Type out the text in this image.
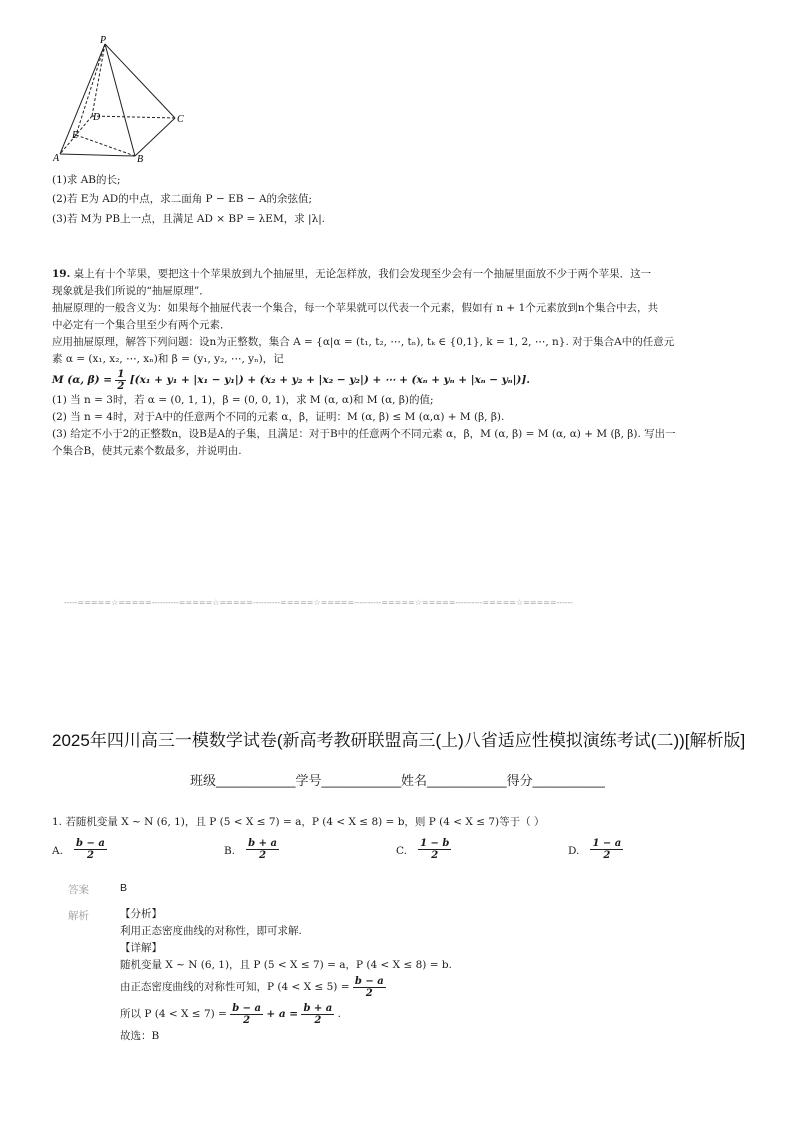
P
D	C
E
A	B
(1)求 AB的长;
(2)若 E为 AD的中点，求二面角 P − EB − A的余弦值;
(3)若 M为 PB上一点，且满足 AD × BP = λEM，求 |λ|.
19. 桌上有十个苹果，要把这十个苹果放到九个抽屉里，无论怎样放，我们会发现至少会有一个抽屉里面放不少于两个苹果．这一
现象就是我们所说的“抽屉原理”．
抽屉原理的一般含义为：如果每个抽屉代表一个集合，每一个苹果就可以代表一个元素，假如有 n + 1个元素放到n个集合中去，共
中必定有一个集合里至少有两个元素．
应用抽屉原理，解答下列问题：设n为正整数，集合 A = {α|α = (t₁, t₂, ⋯, tₙ), tₖ ∈ {0,1}, k = 1, 2, ⋯, n}. 对于集合A中的任意元
素 α = (x₁, x₂, ⋯, xₙ)和 β = (y₁, y₂, ⋯, yₙ)，记
M (α, $\beta) = \frac{1}{2} [(x_1 + y_1 + |x_1 - y_1|) + (x_2 + y_2 + |x_2 - y_2|)$ + ⋯ + (xₙ + yₙ + |xₙ − yₙ|)].
(1) 当 n = 3时，若 α = (0, 1, 1)，β = (0, 0, 1)，求 M (α, α)和 M (α, β)的值;
(2) 当 n = 4时，对于A中的任意两个不同的元素 α，β，证明：M (α, β) ≤ M (α,α) + M (β, β).
(3) 给定不小于2的正整数n，设B是A的子集，且满足：对于B中的任意两个不同元素 α，β，M (α, β) = M (α, α) + M (β, β). 写出一
个集合B，使其元素个数最多，并说明由.
-----=====☆=====----------=====☆=====----------=====☆=====----------=====☆=====----------=====☆=====------
2025年四川高三一模数学试卷(新高考教研联盟高三(上)八省适应性模拟演练考试(二))[解析版]
班级___________学号___________姓名___________得分__________
1. 若随机变量 X ∼ N (6, 1)，且 P (5 < X ≤ 7) = a，P (4 < X ≤ 8) = b，则 P (4 < X ≤ 7)等于（ ）
A. $\frac{b - a}{2}$	B. $\frac{b + a}{2}$	C. $\frac{1 - b}{2}$	D. $\frac{1 - a}{2}$
答案	B
解析	【分析】
利用正态密度曲线的对称性，即可求解.
【详解】
随机变量 X ∼ N (6, 1)，且 P (5 < X ≤ 7) = a，P (4 < X ≤ 8) = b.
由正态密度曲线的对称性可知，P $(4 < X \le 5) = \frac{b - a}{2}$
所以 P $(4 < X \le 7) = \frac{b - a}{2} + a = \frac{b + a}{2}$ .
故选：B
